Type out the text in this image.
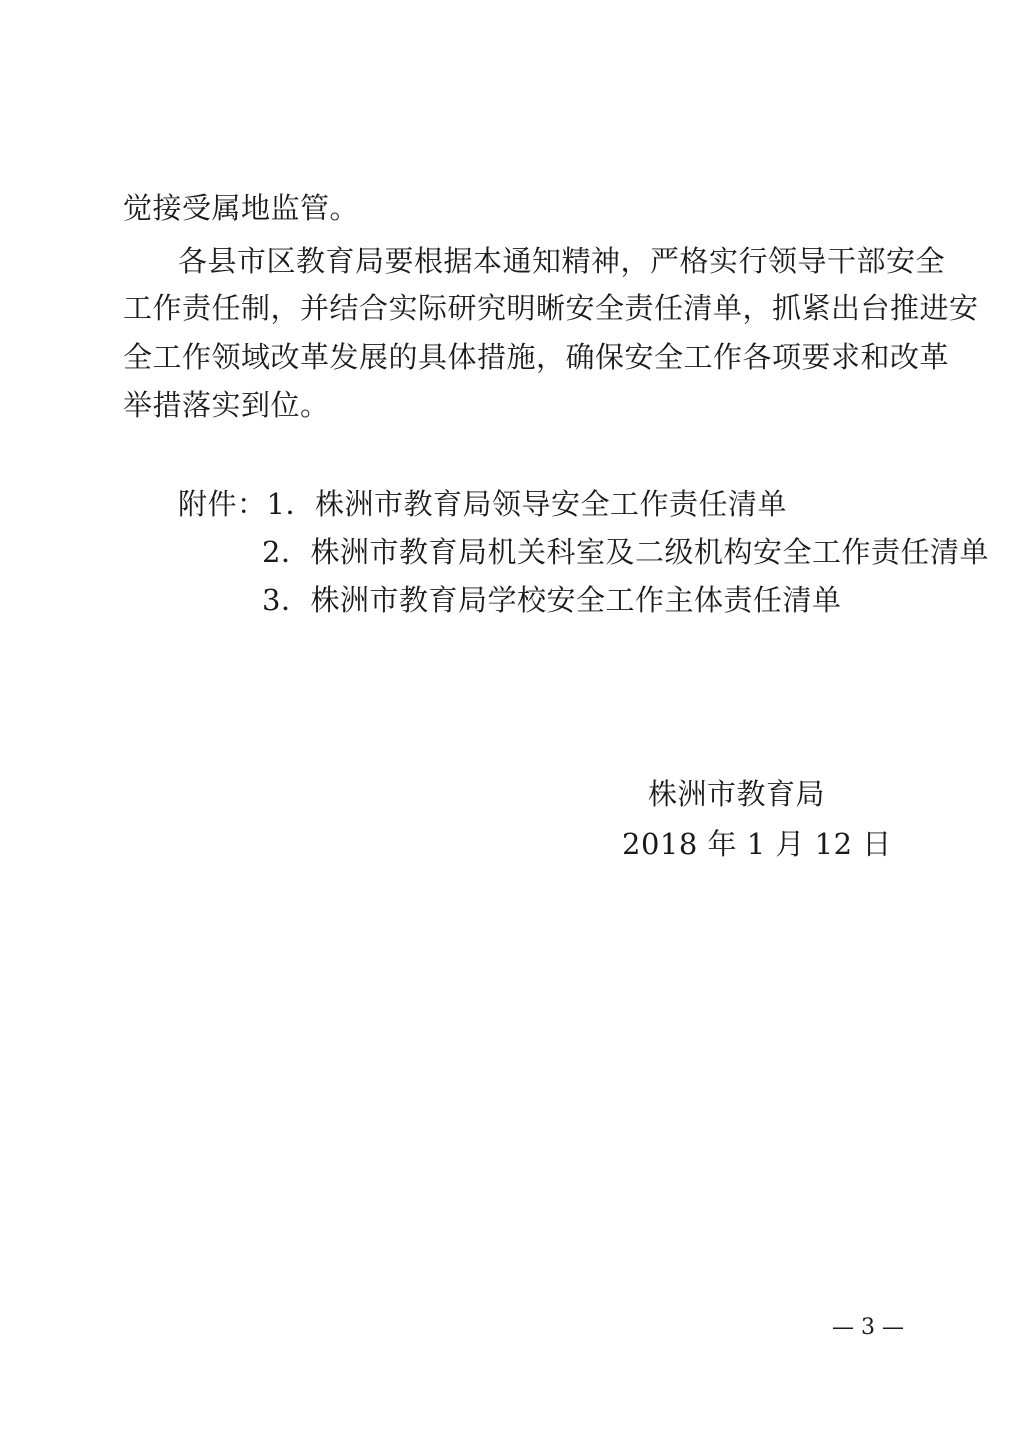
觉接受属地监管。
各县市区教育局要根据本通知精神，严格实行领导干部安全
工作责任制，并结合实际研究明晰安全责任清单，抓紧出台推进安
全工作领域改革发展的具体措施，确保安全工作各项要求和改革
举措落实到位。
附件：1．株洲市教育局领导安全工作责任清单
2．株洲市教育局机关科室及二级机构安全工作责任清单
3．株洲市教育局学校安全工作主体责任清单
株洲市教育局
2018 年 1 月 12 日
— 3 —
